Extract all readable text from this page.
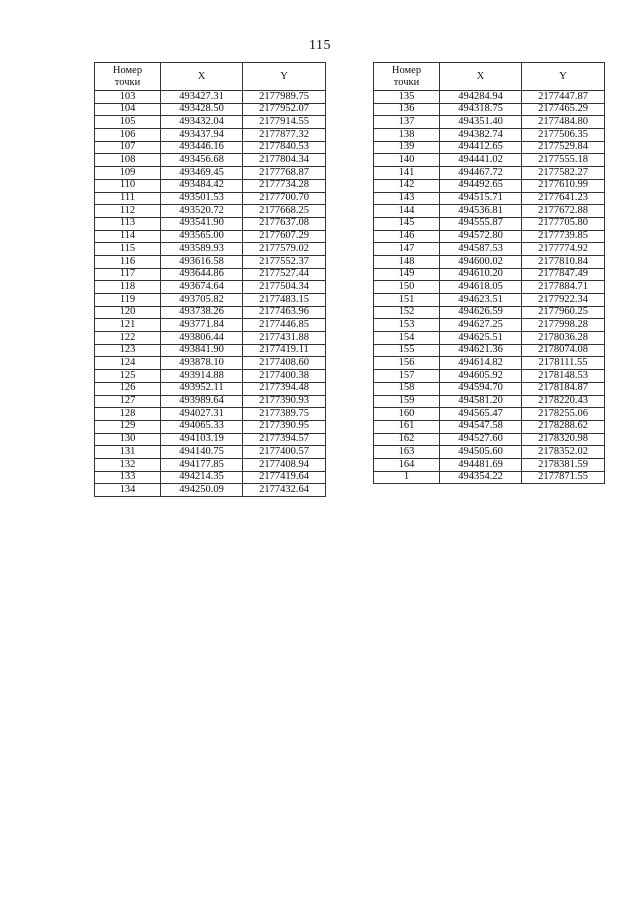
115
Номер
точки	X	Y
103	493427.31	2177989.75
104	493428.50	2177952.07
105	493432.04	2177914.55
106	493437.94	2177877.32
107	493446.16	2177840.53
108	493456.68	2177804.34
109	493469.45	2177768.87
110	493484.42	2177734.28
111	493501.53	2177700.70
112	493520.72	2177668.25
113	493541.90	2177637.08
114	493565.00	2177607.29
115	493589.93	2177579.02
116	493616.58	2177552.37
117	493644.86	2177527.44
118	493674.64	2177504.34
119	493705.82	2177483.15
120	493738.26	2177463.96
121	493771.84	2177446.85
122	493806.44	2177431.88
123	493841.90	2177419.11
124	493878.10	2177408.60
125	493914.88	2177400.38
126	493952.11	2177394.48
127	493989.64	2177390.93
128	494027.31	2177389.75
129	494065.33	2177390.95
130	494103.19	2177394.57
131	494140.75	2177400.57
132	494177.85	2177408.94
133	494214.35	2177419.64
134	494250.09	2177432.64
Номер
точки	X	Y
135	494284.94	2177447.87
136	494318.75	2177465.29
137	494351.40	2177484.80
138	494382.74	2177506.35
139	494412.65	2177529.84
140	494441.02	2177555.18
141	494467.72	2177582.27
142	494492.65	2177610.99
143	494515.71	2177641.23
144	494536.81	2177672.88
145	494555.87	2177705.80
146	494572.80	2177739.85
147	494587.53	2177774.92
148	494600.02	2177810.84
149	494610.20	2177847.49
150	494618.05	2177884.71
151	494623.51	2177922.34
152	494626.59	2177960.25
153	494627.25	2177998.28
154	494625.51	2178036.28
155	494621.36	2178074.08
156	494614.82	2178111.55
157	494605.92	2178148.53
158	494594.70	2178184.87
159	494581.20	2178220.43
160	494565.47	2178255.06
161	494547.58	2178288.62
162	494527.60	2178320.98
163	494505.60	2178352.02
164	494481.69	2178381.59
1	494354.22	2177871.55
